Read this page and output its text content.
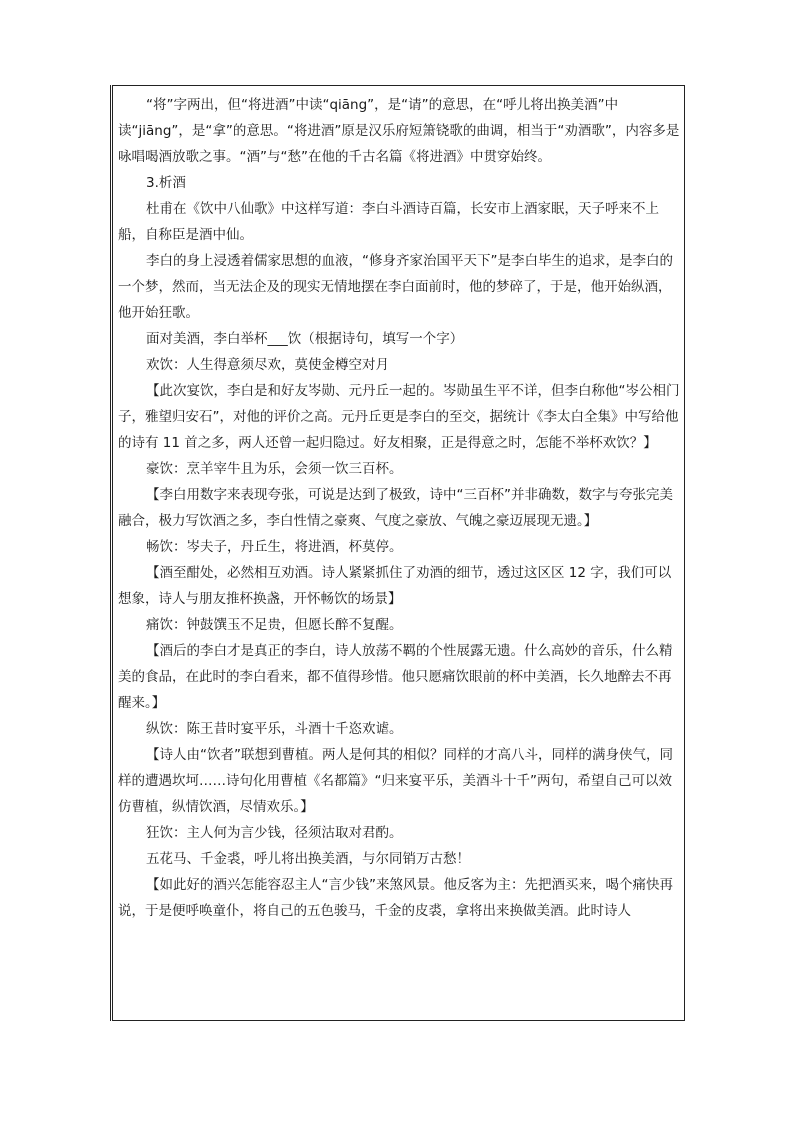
“将”字两出，但“将进酒”中读“qiāng”，是“请”的意思，在“呼儿将出换美酒”中读“jiāng”，是“拿”的意思。“将进酒”原是汉乐府短箫铙歌的曲调，相当于“劝酒歌”，内容多是咏唱喝酒放歌之事。“酒”与“愁”在他的千古名篇《将进酒》中贯穿始终。

3.析酒

杜甫在《饮中八仙歌》中这样写道：李白斗酒诗百篇，长安市上酒家眠，天子呼来不上船，自称臣是酒中仙。

李白的身上浸透着儒家思想的血液，“修身齐家治国平天下”是李白毕生的追求，是李白的一个梦，然而，当无法企及的现实无情地摆在李白面前时，他的梦碎了，于是，他开始纵酒，他开始狂歌。

面对美酒，李白举杯___饮（根据诗句，填写一个字）

欢饮：人生得意须尽欢，莫使金樽空对月

【此次宴饮，李白是和好友岑勋、元丹丘一起的。岑勋虽生平不详，但李白称他“岑公相门子，雅望归安石”，对他的评价之高。元丹丘更是李白的至交，据统计《李太白全集》中写给他的诗有 11 首之多，两人还曾一起归隐过。好友相聚，正是得意之时，怎能不举杯欢饮？】

豪饮：烹羊宰牛且为乐，会须一饮三百杯。

【李白用数字来表现夸张，可说是达到了极致，诗中“三百杯”并非确数，数字与夸张完美融合，极力写饮酒之多，李白性情之豪爽、气度之豪放、气魄之豪迈展现无遗。】

畅饮：岑夫子，丹丘生，将进酒，杯莫停。

【酒至酣处，必然相互劝酒。诗人紧紧抓住了劝酒的细节，透过这区区 12 字，我们可以想象，诗人与朋友推杯换盏，开怀畅饮的场景】

痛饮：钟鼓馔玉不足贵，但愿长醉不复醒。

【酒后的李白才是真正的李白，诗人放荡不羁的个性展露无遗。什么高妙的音乐，什么精美的食品，在此时的李白看来，都不值得珍惜。他只愿痛饮眼前的杯中美酒，长久地醉去不再醒来。】

纵饮：陈王昔时宴平乐，斗酒十千恣欢谑。

【诗人由“饮者”联想到曹植。两人是何其的相似？同样的才高八斗，同样的满身侠气，同样的遭遇坎坷……诗句化用曹植《名都篇》“归来宴平乐，美酒斗十千”两句，希望自己可以效仿曹植，纵情饮酒，尽情欢乐。】

狂饮：主人何为言少钱，径须沽取对君酌。

五花马、千金裘，呼儿将出换美酒，与尔同销万古愁！

【如此好的酒兴怎能容忍主人“言少钱”来煞风景。他反客为主：先把酒买来，喝个痛快再说，于是便呼唤童仆，将自己的五色骏马，千金的皮裘，拿将出来换做美酒。此时诗人
